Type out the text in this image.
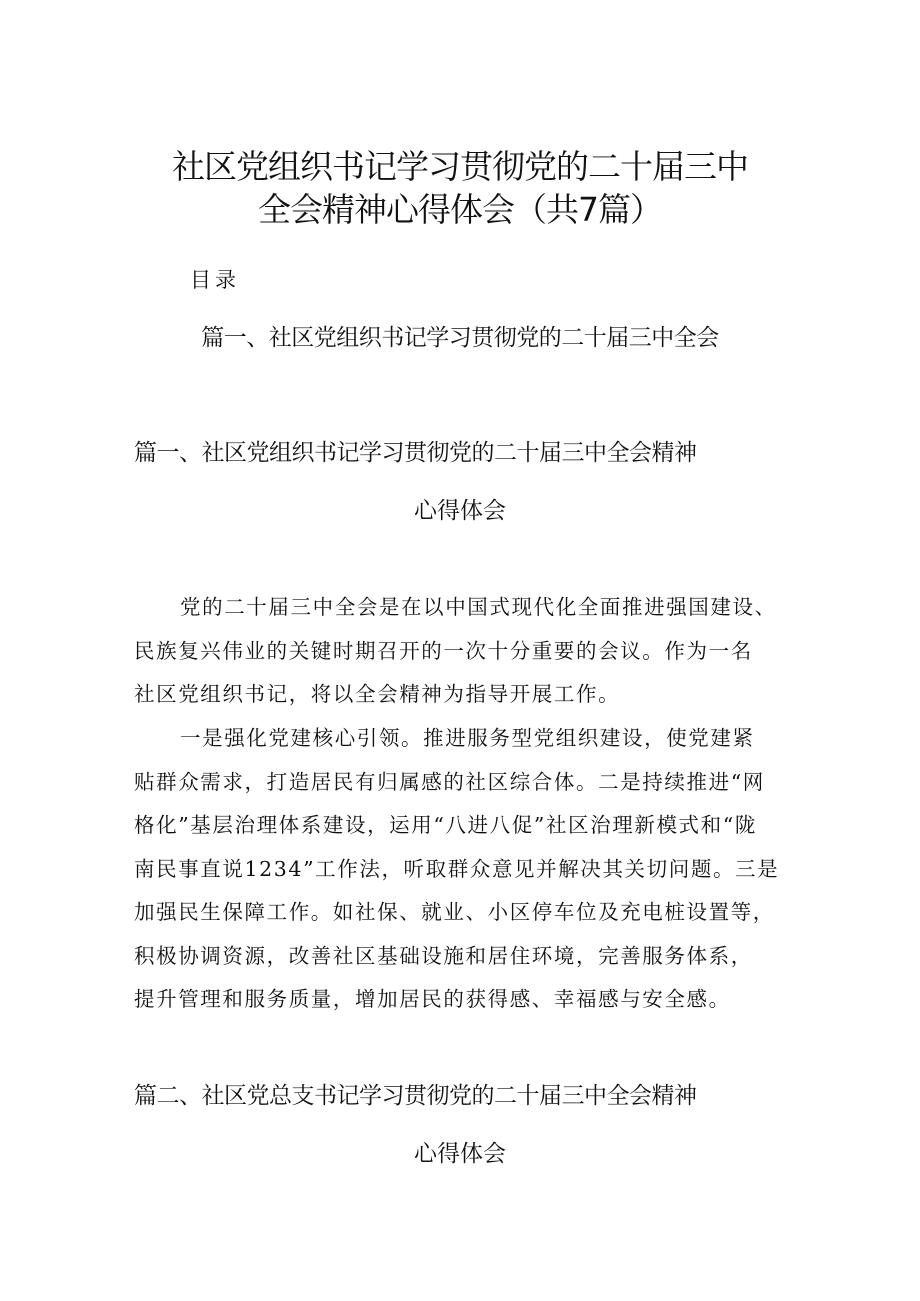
社区党组织书记学习贯彻党的二十届三中
全会精神心得体会（共7篇）
目录
篇一、社区党组织书记学习贯彻党的二十届三中全会
篇一、社区党组织书记学习贯彻党的二十届三中全会精神
心得体会
党的二十届三中全会是在以中国式现代化全面推进强国建设、
民族复兴伟业的关键时期召开的一次十分重要的会议。作为一名
社区党组织书记，将以全会精神为指导开展工作。
一是强化党建核心引领。推进服务型党组织建设，使党建紧
贴群众需求，打造居民有归属感的社区综合体。二是持续推进“网
格化”基层治理体系建设，运用“八进八促”社区治理新模式和“陇
南民事直说1234”工作法，听取群众意见并解决其关切问题。三是
加强民生保障工作。如社保、就业、小区停车位及充电桩设置等，
积极协调资源，改善社区基础设施和居住环境，完善服务体系，
提升管理和服务质量，增加居民的获得感、幸福感与安全感。
篇二、社区党总支书记学习贯彻党的二十届三中全会精神
心得体会
